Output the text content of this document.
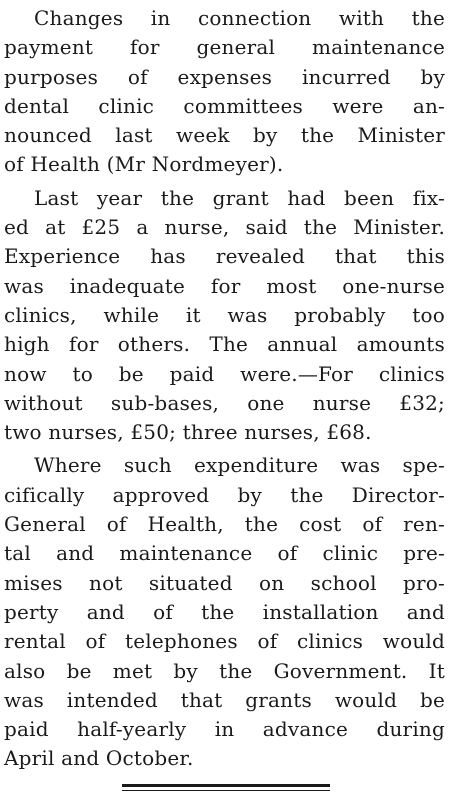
Changes in connection with the
payment for general maintenance
purposes of expenses incurred by
dental clinic committees were an-
nounced last week by the Minister
of Health (Mr Nordmeyer).
Last year the grant had been fix-
ed at £25 a nurse, said the Minister.
Experience has revealed that this
was inadequate for most one-nurse
clinics, while it was probably too
high for others. The annual amounts
now to be paid were.—For clinics
without sub-bases, one nurse £32;
two nurses, £50; three nurses, £68.
Where such expenditure was spe-
cifically approved by the Director-
General of Health, the cost of ren-
tal and maintenance of clinic pre-
mises not situated on school pro-
perty and of the installation and
rental of telephones of clinics would
also be met by the Government. It
was intended that grants would be
paid half-yearly in advance during
April and October.
